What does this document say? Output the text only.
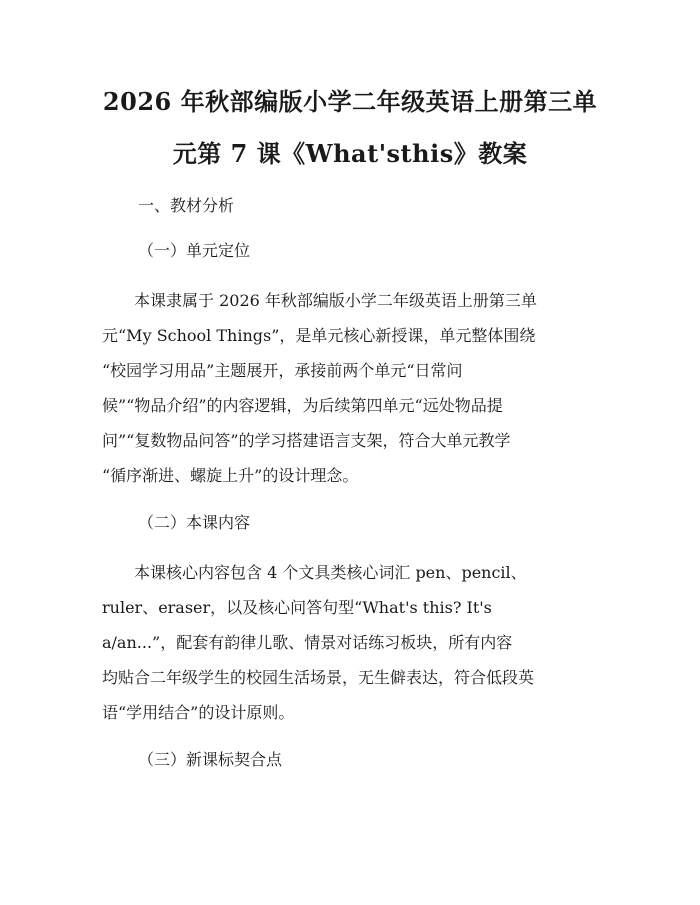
2026 年秋部编版小学二年级英语上册第三单
元第 7 课《What'sthis》教案
一、教材分析
（一）单元定位
本课隶属于 2026 年秋部编版小学二年级英语上册第三单
元“My School Things”，是单元核心新授课，单元整体围绕
“校园学习用品”主题展开，承接前两个单元“日常问
候”“物品介绍”的内容逻辑，为后续第四单元“远处物品提
问”“复数物品问答”的学习搭建语言支架，符合大单元教学
“循序渐进、螺旋上升”的设计理念。
（二）本课内容
本课核心内容包含 4 个文具类核心词汇 pen、pencil、
ruler、eraser，以及核心问答句型“What's this? It's
a/an...”，配套有韵律儿歌、情景对话练习板块，所有内容
均贴合二年级学生的校园生活场景，无生僻表达，符合低段英
语“学用结合”的设计原则。
（三）新课标契合点
